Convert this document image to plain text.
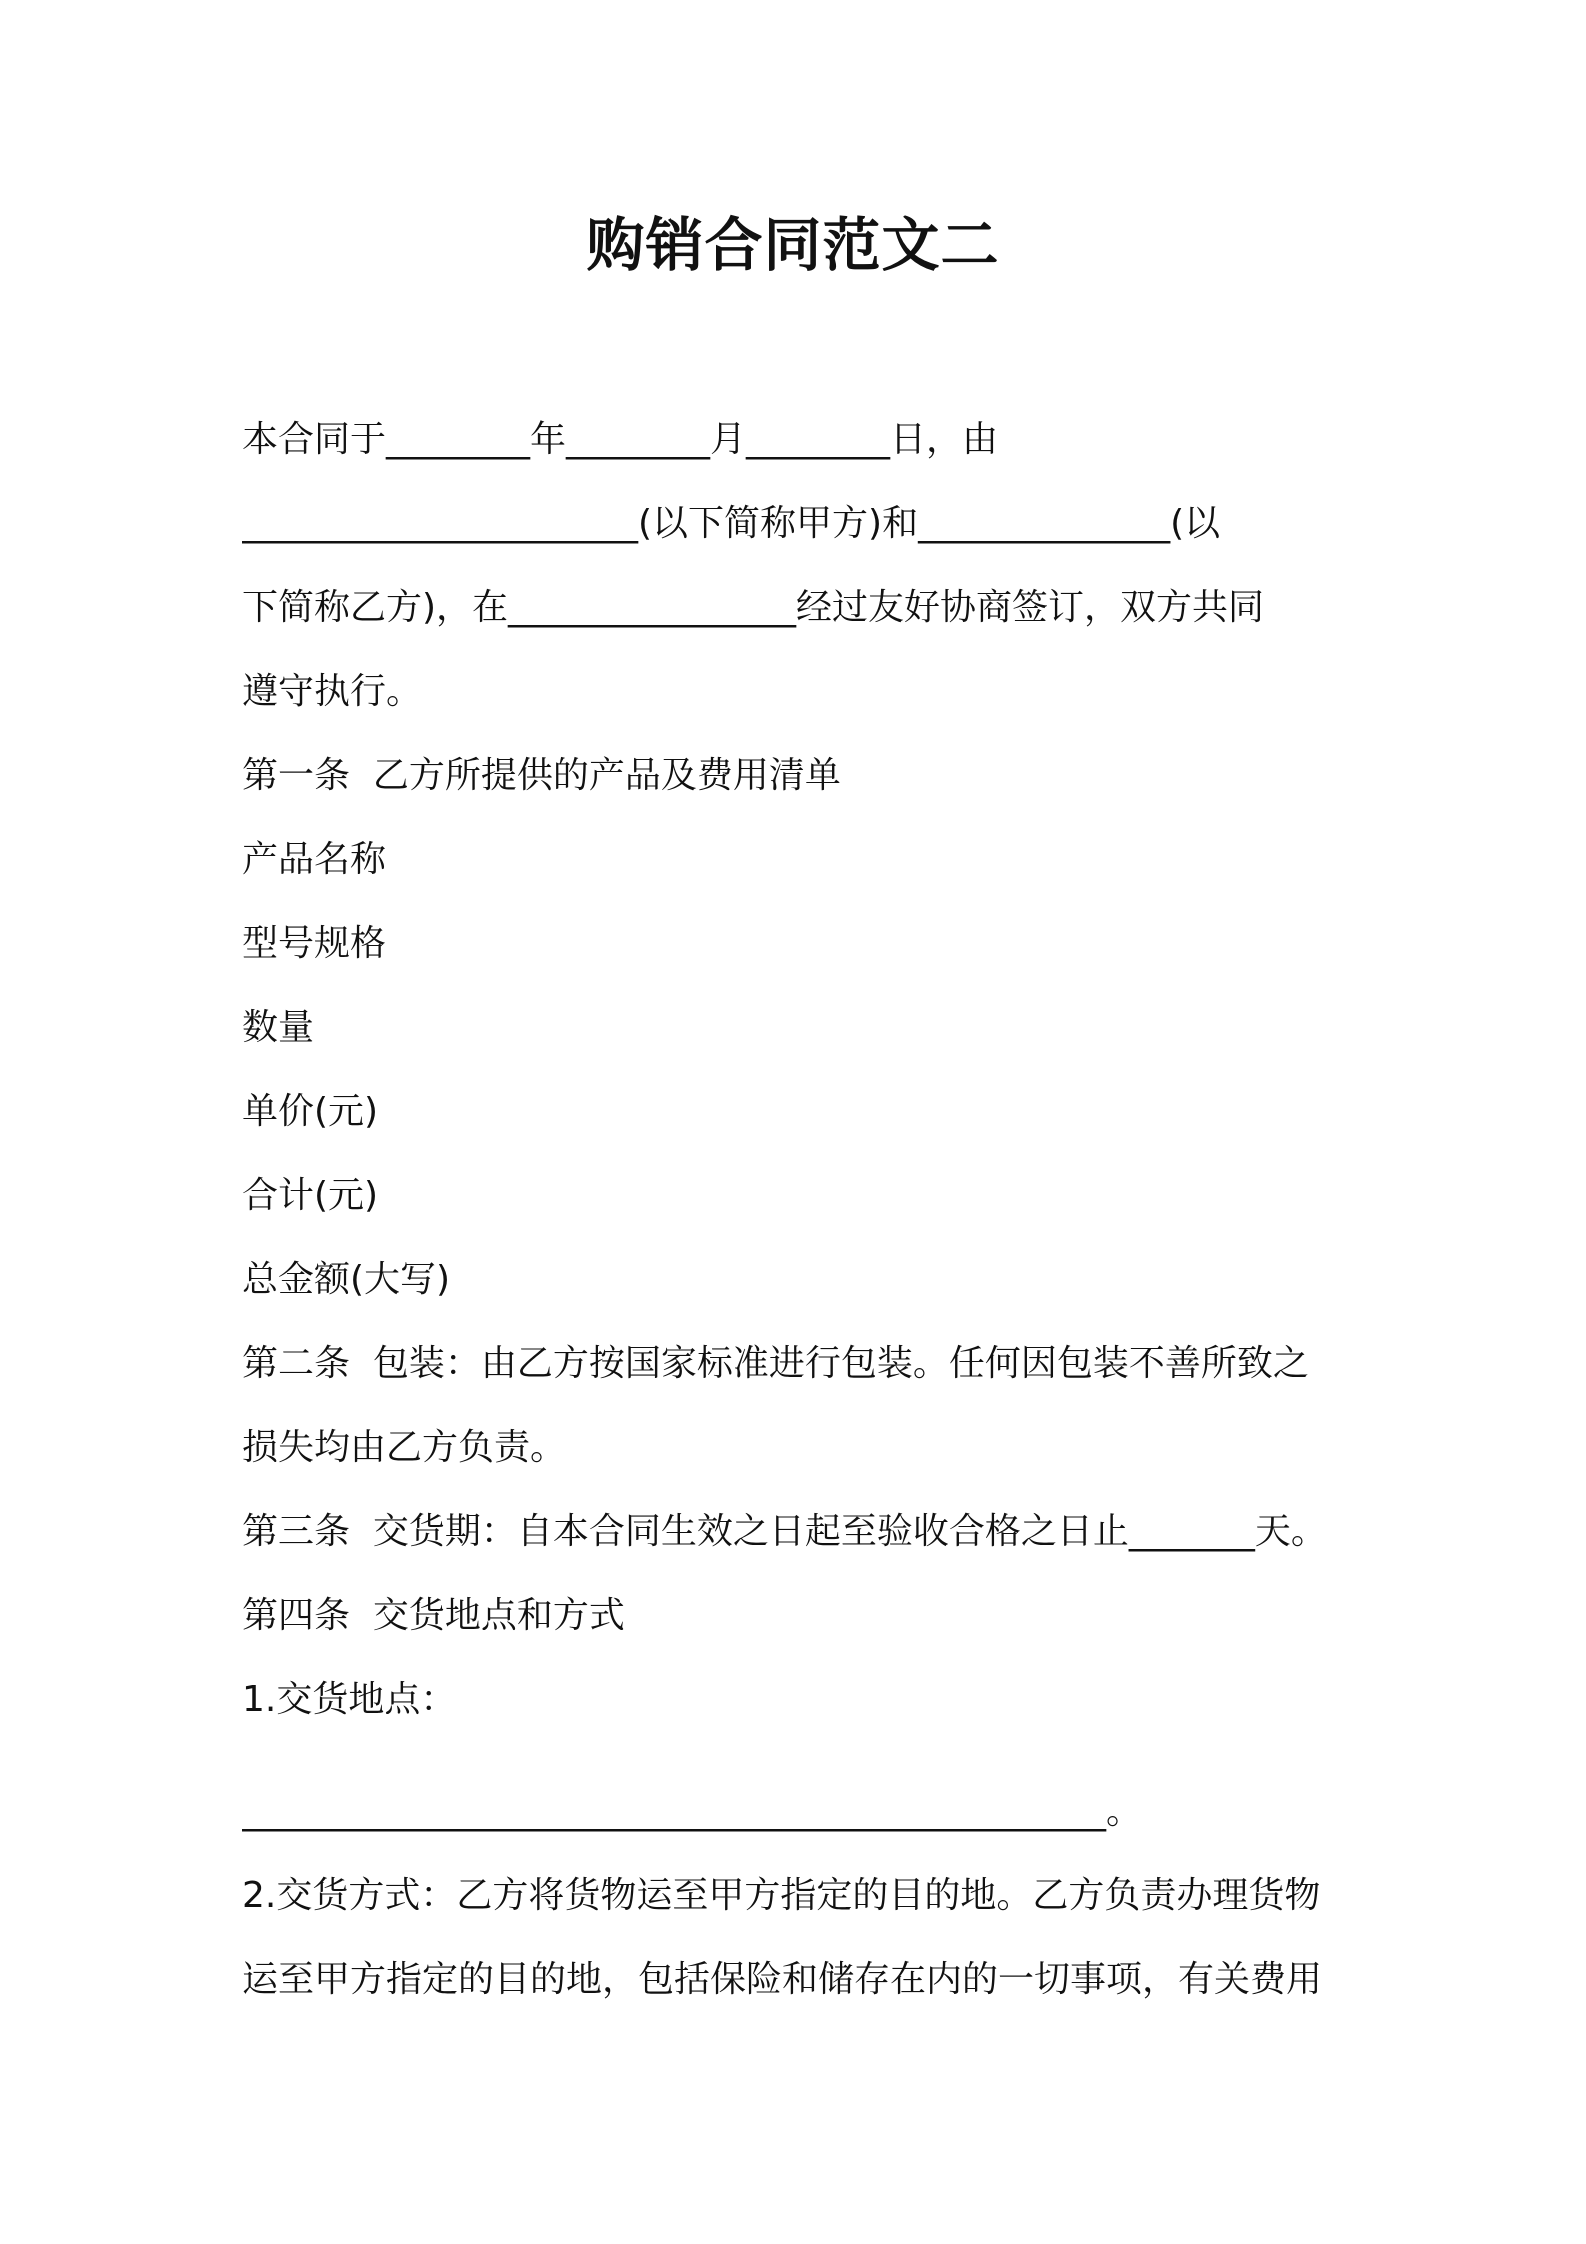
购销合同范文二
本合同于________年________月________日，由
______________________(以下简称甲方)和______________(以
下简称乙方)，在________________经过友好协商签订，双方共同
遵守执行。
第一条  乙方所提供的产品及费用清单
产品名称
型号规格
数量
单价(元)
合计(元)
总金额(大写)
第二条  包装：由乙方按国家标准进行包装。任何因包装不善所致之
损失均由乙方负责。
第三条  交货期：自本合同生效之日起至验收合格之日止_______天。
第四条  交货地点和方式
1.交货地点：
________________________________________________。
2.交货方式：乙方将货物运至甲方指定的目的地。乙方负责办理货物
运至甲方指定的目的地，包括保险和储存在内的一切事项，有关费用
